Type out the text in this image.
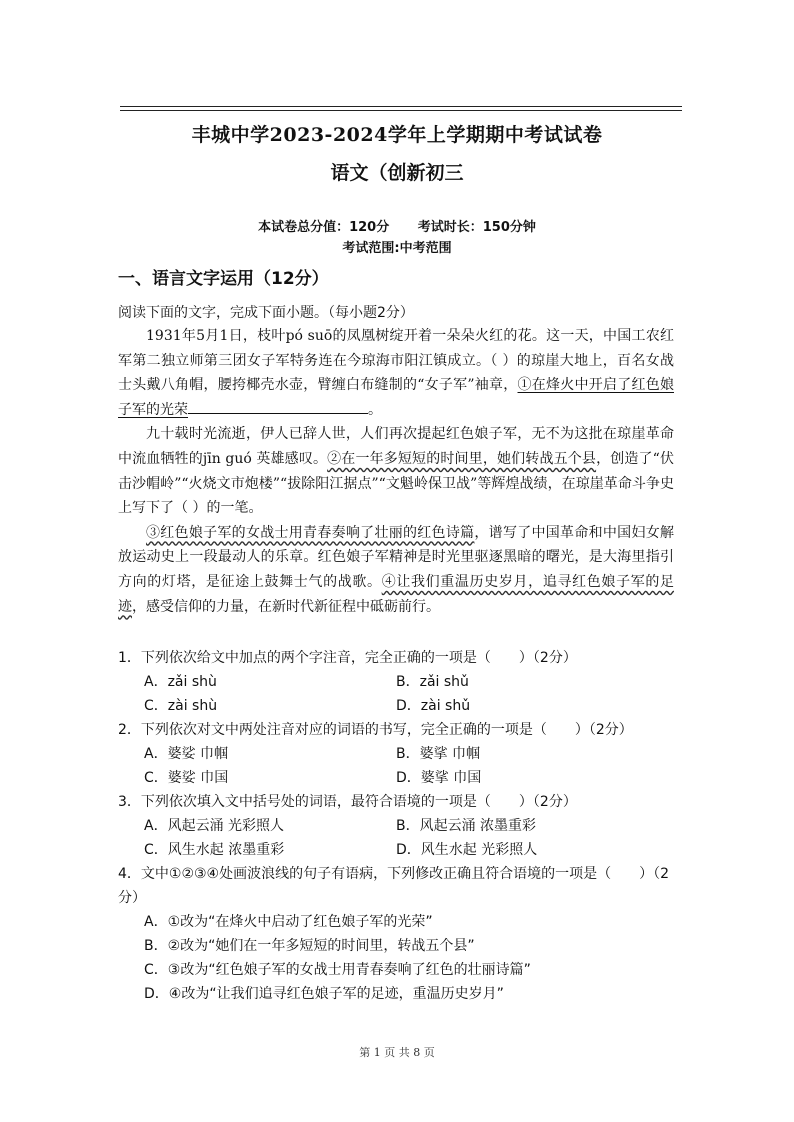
丰城中学2023-2024学年上学期期中考试试卷
语文（创新初三
本试卷总分值：120分 考试时长：150分钟
考试范围:中考范围
一、语言文字运用（12分）
阅读下面的文字，完成下面小题。（每小题2分）

1931年5月1日，枝叶pó suō的凤凰树绽开着一朵朵火红的花。这一天，中国工农红军第二独立师第三团女子军特务连在今琼海市阳江镇成立。（ ）的琼崖大地上，百名女战士头戴八角帽，腰挎椰壳水壶，臂缠白布缝制的“女子军”袖章，①在烽火中开启了红色娘子军的光荣	。

九十载时光流逝，伊人已辞人世，人们再次提起红色娘子军，无不为这批在琼崖革命中流血牺牲的jīn guó 英雄感叹。②在一年多短短的时间里，她们转战五个县，创造了“伏击沙帽岭”“火烧文市炮楼”“拔除阳江据点”“文魁岭保卫战”等辉煌战绩，在琼崖革命斗争史上写下了（ ）的一笔。

③红色娘子军的女战士用青春奏响了壮丽的红色诗篇，谱写了中国革命和中国妇女解放运动史上一段最动人的乐章。红色娘子军精神是时光里驱逐黑暗的曙光，是大海里指引方向的灯塔，是征途上鼓舞士气的战歌。④让我们重温历史岁月，追寻红色娘子军的足迹，感受信仰的力量，在新时代新征程中砥砺前行。

1．下列依次给文中加点的两个字注音，完全正确的一项是（　　）（2分）

A．zǎi shù	B．zǎi shǔ
C．zài shù	D．zài shǔ

2．下列依次对文中两处注音对应的词语的书写，完全正确的一项是（　　）（2分）

A．婆娑 巾帼	B．婆挲 巾帼
C．婆娑 巾国	D．婆挲 巾国

3．下列依次填入文中括号处的词语，最符合语境的一项是（　　）（2分）

A．风起云涌 光彩照人	B．风起云涌 浓墨重彩
C．风生水起 浓墨重彩	D．风生水起 光彩照人

4．文中①②③④处画波浪线的句子有语病，下列修改正确且符合语境的一项是（　　）（2分）

A．①改为“在烽火中启动了红色娘子军的光荣”
B．②改为“她们在一年多短短的时间里，转战五个县”
C．③改为“红色娘子军的女战士用青春奏响了红色的壮丽诗篇”
D．④改为“让我们追寻红色娘子军的足迹，重温历史岁月”
第 1 页 共 8 页
